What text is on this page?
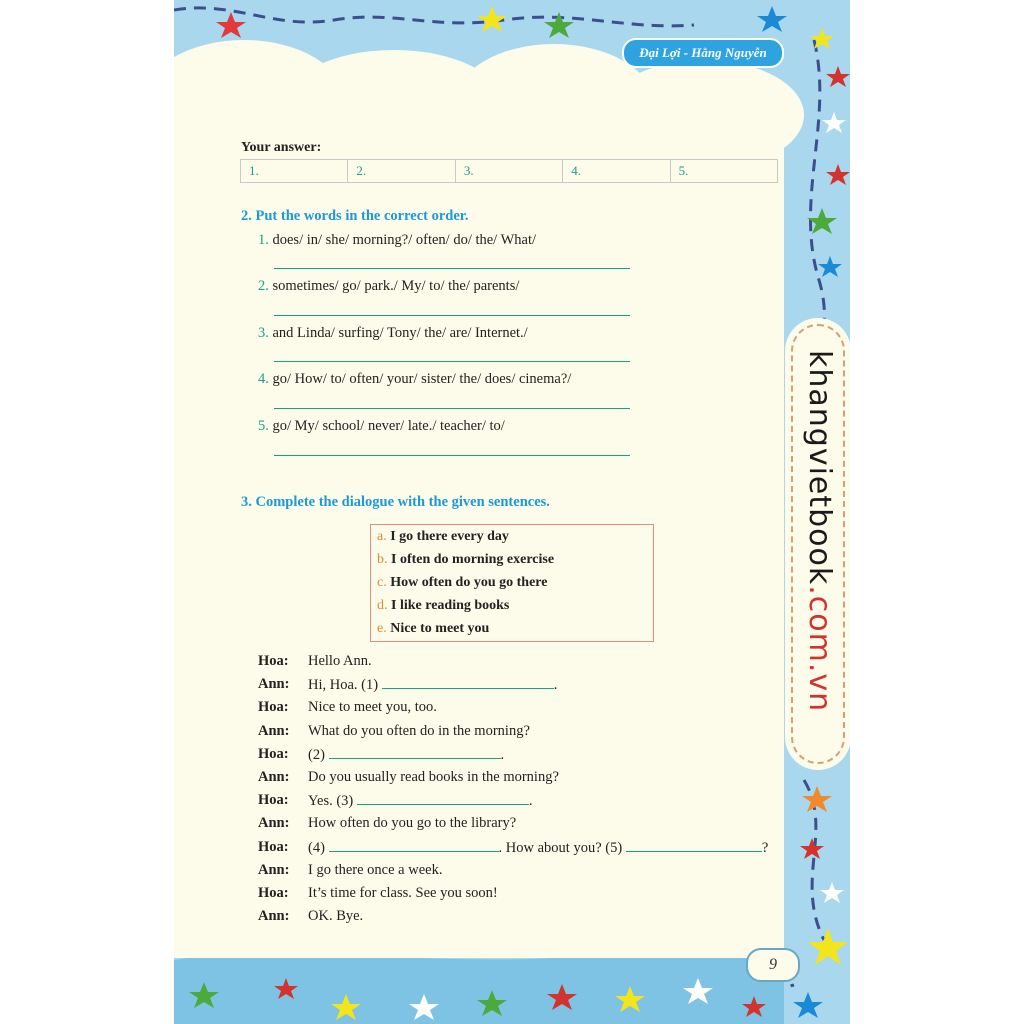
Đại Lợi - Hằng Nguyễn
khangvietbook.com.vn
9
Your answer:
1.	2.	3.	4.	5.
2. Put the words in the correct order.
1. does/ in/ she/ morning?/ often/ do/ the/ What/
2. sometimes/ go/ park./ My/ to/ the/ parents/
3. and Linda/ surfing/ Tony/ the/ are/ Internet./
4. go/ How/ to/ often/ your/ sister/ the/ does/ cinema?/
5. go/ My/ school/ never/ late./ teacher/ to/
3. Complete the dialogue with the given sentences.
a. I go there every day
b. I often do morning exercise
c. How often do you go there
d. I like reading books
e. Nice to meet you
Hoa: Hello Ann.
Ann: Hi, Hoa. (1)	.
Hoa: Nice to meet you, too.
Ann: What do you often do in the morning?
Hoa: (2)	.
Ann: Do you usually read books in the morning?
Hoa: Yes. (3)	.
Ann: How often do you go to the library?
Hoa: (4)	. How about you? (5)	?
Ann: I go there once a week.
Hoa: It’s time for class. See you soon!
Ann: OK. Bye.
